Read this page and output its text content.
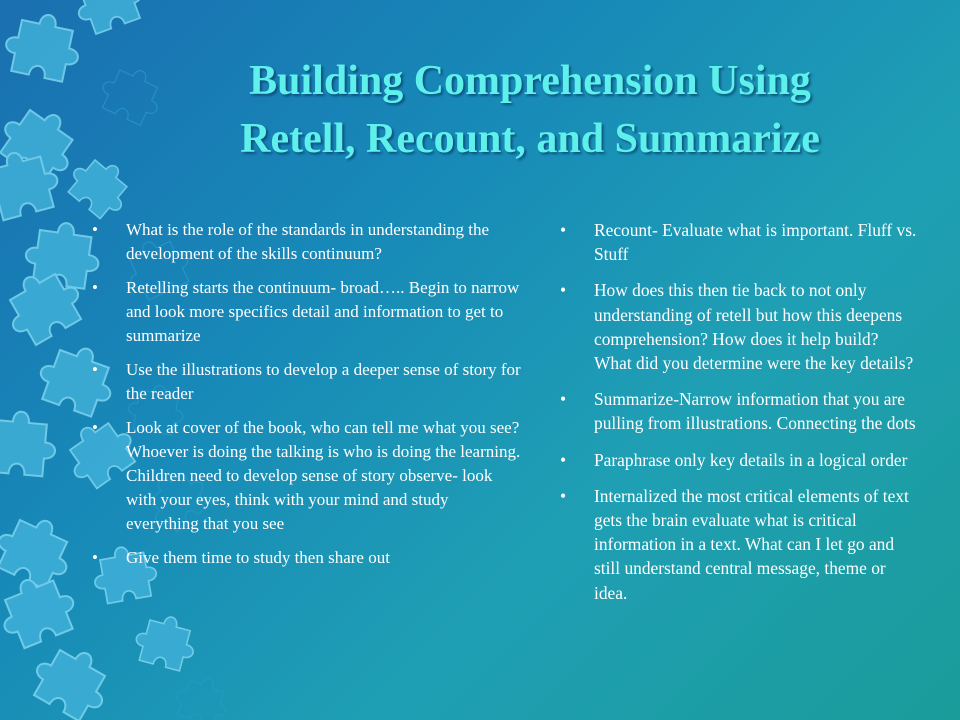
Building Comprehension Using
Retell, Recount, and Summarize
• What is the role of the standards in understanding the development of the skills continuum?
• Retelling starts the continuum- broad….. Begin to narrow and look more specifics detail and information to get to summarize
• Use the illustrations to develop a deeper sense of story for the reader
• Look at cover of the book, who can tell me what you see? Whoever is doing the talking is who is doing the learning. Children need to develop sense of story observe- look with your eyes, think with your mind and study everything that you see
• Give them time to study then share out
• Recount- Evaluate what is important. Fluff vs. Stuff
• How does this then tie back to not only understanding of retell but how this deepens comprehension? How does it help build? What did you determine were the key details?
• Summarize-Narrow information that you are pulling from illustrations. Connecting the dots
• Paraphrase only key details in a logical order
• Internalized the most critical elements of text gets the brain evaluate what is critical information in a text. What can I let go and still understand central message, theme or idea.
